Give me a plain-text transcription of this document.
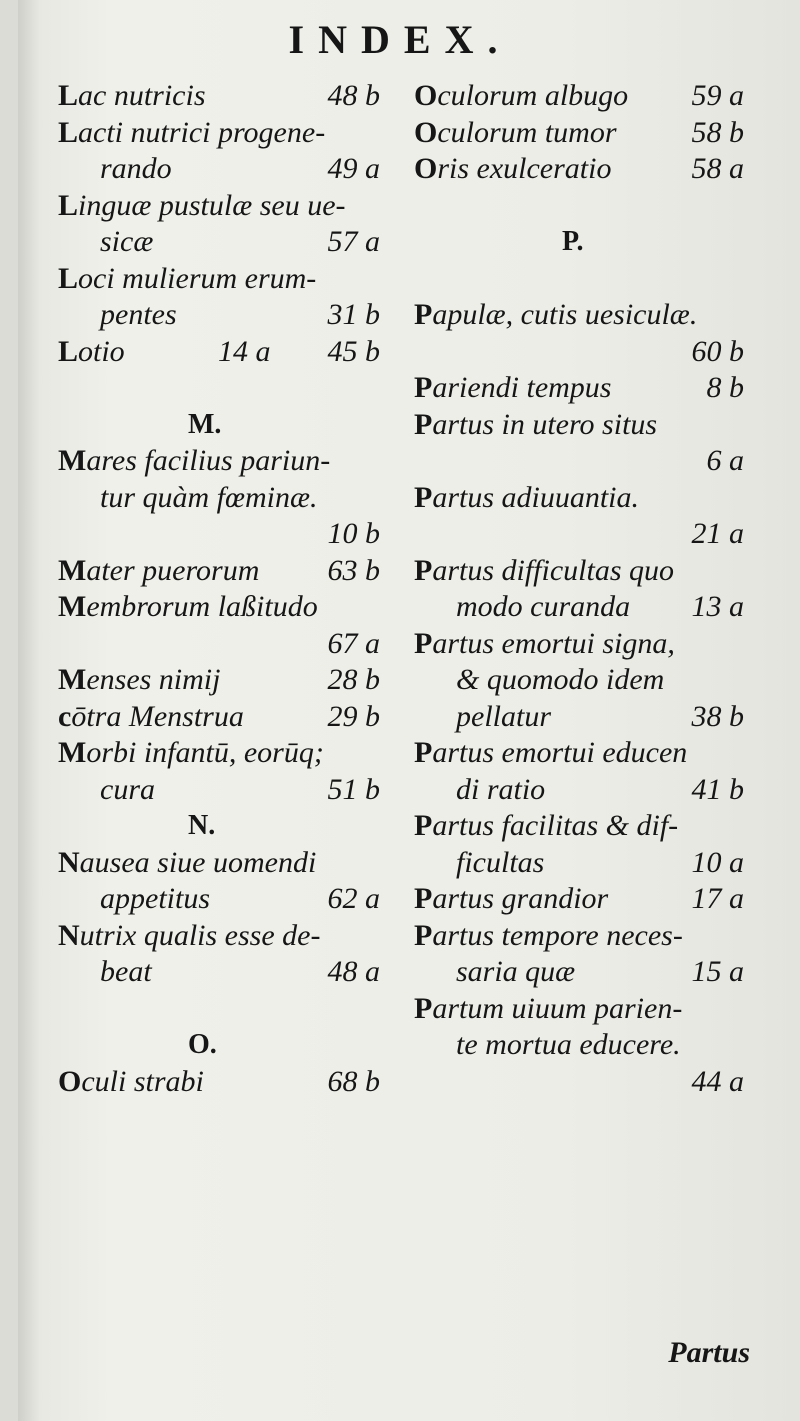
INDEX.
Lac nutricis	48 b
Lacti nutrici progene-
rando	49 a
Linguæ pustulæ seu ue-
sicæ	57 a
Loci mulierum erum-
pentes	31 b
Lotio	14 a 45 b
M.
Mares facilius pariun-
tur quàm fœminæ.
10 b
Mater puerorum 63 b
Membrorum laßitudo
67 a
Menses nimij	28 b
cōtra Menstrua	29 b
Morbi infantū, eorūq;
cura	51 b
N.
Nausea siue uomendi
appetitus	62 a
Nutrix qualis esse de-
beat	48 a
O.
Oculi strabi	68 b
Oculorum albugo 59 a
Oculorum tumor 58 b
Oris exulceratio	58 a
P.
Papulæ, cutis uesiculæ.
60 b
Pariendi tempus	8 b
Partus in utero situs
6 a
Partus adiuuantia.
21 a
Partus difficultas quo
modo curanda 13 a
Partus emortui signa,
& quomodo idem
pellatur	38 b
Partus emortui educen
di ratio	41 b
Partus facilitas & dif-
ficultas	10 a
Partus grandior	17 a
Partus tempore neces-
saria quæ	15 a
Partum uiuum parien-
te mortua educere.
44 a
Partus
